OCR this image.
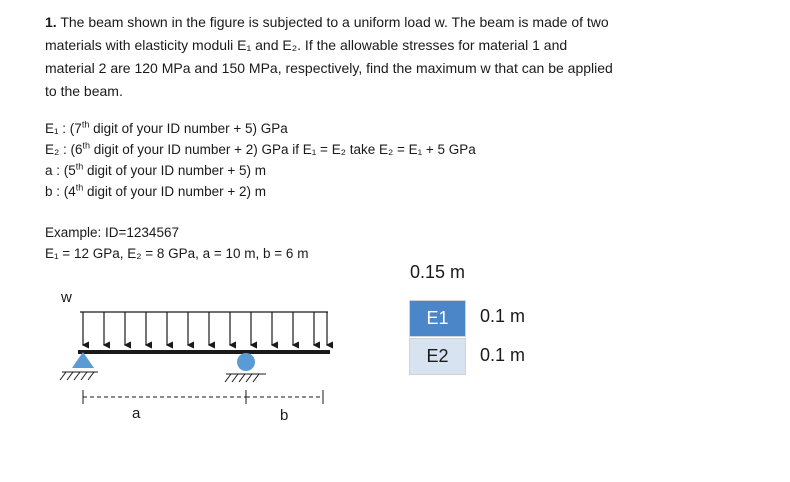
1. The beam shown in the figure is subjected to a uniform load w. The beam is made of two
materials with elasticity moduli E₁ and E₂. If the allowable stresses for material 1 and
material 2 are 120 MPa and 150 MPa, respectively, find the maximum w that can be applied
to the beam.
E₁ : (7th digit of your ID number + 5) GPa
E₂ : (6th digit of your ID number + 2) GPa if E₁ = E₂ take E₂ = E₁ + 5 GPa
a : (5th digit of your ID number + 5) m
b : (4th digit of your ID number + 2) m
Example: ID=1234567
E₁ = 12 GPa, E₂ = 8 GPa, a = 10 m, b = 6 m
w
a	b
0.15 m
E1
E2
0.1 m
0.1 m
